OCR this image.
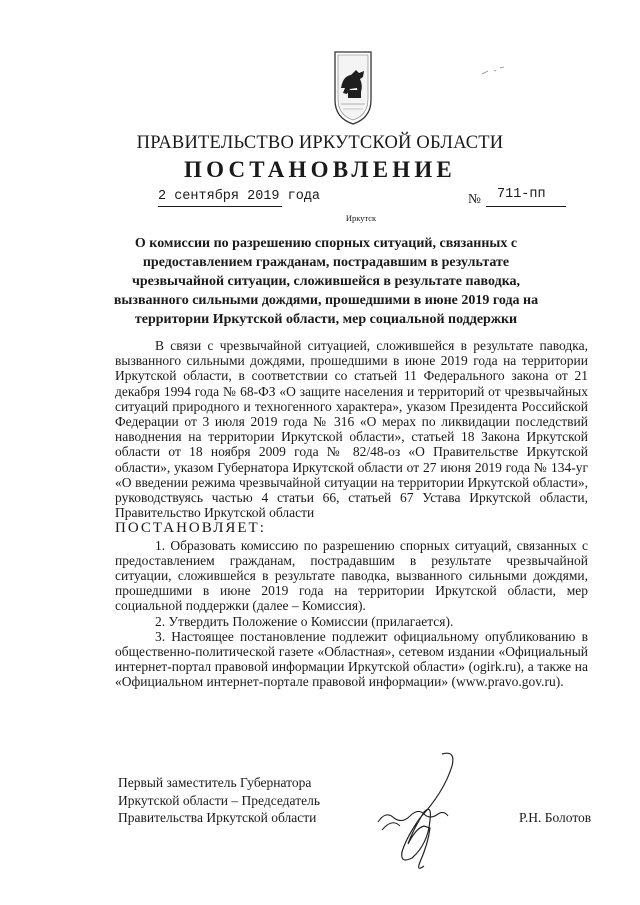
ПРАВИТЕЛЬСТВО ИРКУТСКОЙ ОБЛАСТИ
ПОСТАНОВЛЕНИЕ
2 сентября 2019 года	№ 711-пп
Иркутск
О комиссии по разрешению спорных ситуаций, связанных с предоставлением гражданам, пострадавшим в результате чрезвычайной ситуации, сложившейся в результате паводка, вызванного сильными дождями, прошедшими в июне 2019 года на территории Иркутской области, мер социальной поддержки

В связи с чрезвычайной ситуацией, сложившейся в результате паводка, вызванного сильными дождями, прошедшими в июне 2019 года на территории Иркутской области, в соответствии со статьей 11 Федерального закона от 21 декабря 1994 года № 68-ФЗ «О защите населения и территорий от чрезвычайных ситуаций природного и техногенного характера», указом Президента Российской Федерации от 3 июля 2019 года № 316 «О мерах по ликвидации последствий наводнения на территории Иркутской области», статьей 18 Закона Иркутской области от 18 ноября 2009 года № 82/48-оз «О Правительстве Иркутской области», указом Губернатора Иркутской области от 27 июня 2019 года № 134-уг «О введении режима чрезвычайной ситуации на территории Иркутской области», руководствуясь частью 4 статьи 66, статьей 67 Устава Иркутской области, Правительство Иркутской области

ПОСТАНОВЛЯЕТ:

1. Образовать комиссию по разрешению спорных ситуаций, связанных с предоставлением гражданам, пострадавшим в результате чрезвычайной ситуации, сложившейся в результате паводка, вызванного сильными дождями, прошедшими в июне 2019 года на территории Иркутской области, мер социальной поддержки (далее – Комиссия).

2. Утвердить Положение о Комиссии (прилагается).

3. Настоящее постановление подлежит официальному опубликованию в общественно-политической газете «Областная», сетевом издании «Официальный интернет-портал правовой информации Иркутской области» (ogirk.ru), а также на «Официальном интернет-портале правовой информации» (www.pravo.gov.ru).

Первый заместитель Губернатора
Иркутской области – Председатель
Правительства Иркутской области	Р.Н. Болотов
